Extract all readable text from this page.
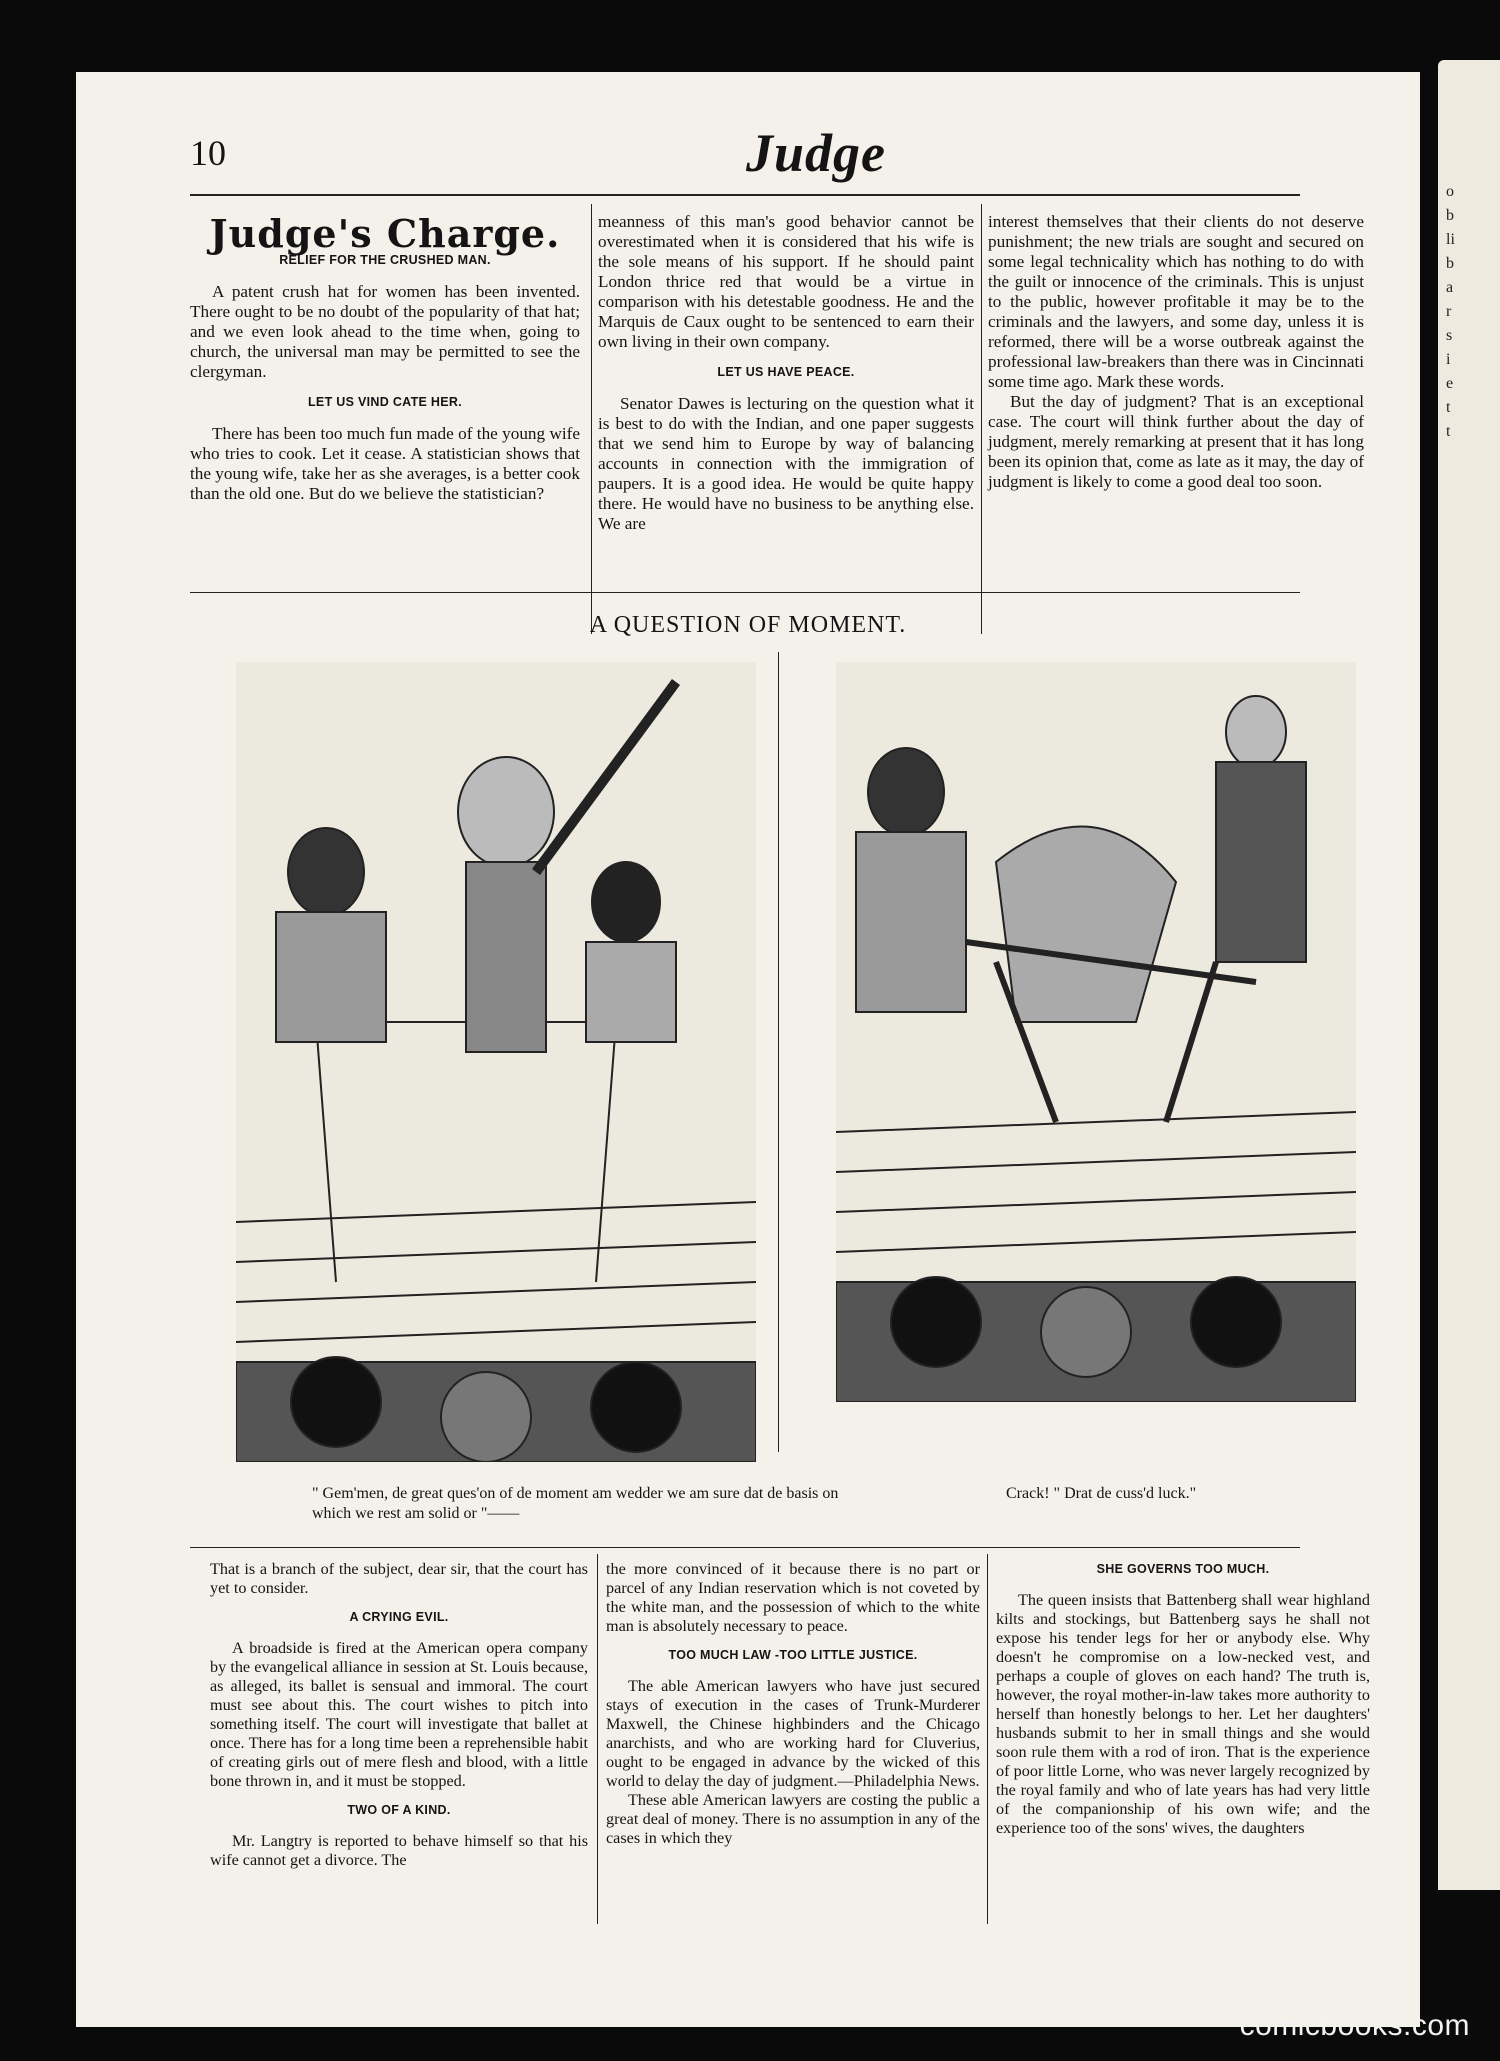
o
b
li
b
a
r
s
i
e
t
t
10	Judge
Judge's Charge.
RELIEF FOR THE CRUSHED MAN.

A patent crush hat for women has been invented. There ought to be no doubt of the popularity of that hat; and we even look ahead to the time when, going to church, the universal man may be permitted to see the clergyman.

LET US VIND CATE HER.

There has been too much fun made of the young wife who tries to cook. Let it cease. A statistician shows that the young wife, take her as she averages, is a better cook than the old one. But do we believe the statistician?

meanness of this man's good behavior cannot be overestimated when it is considered that his wife is the sole means of his support. If he should paint London thrice red that would be a virtue in comparison with his detestable goodness. He and the Marquis de Caux ought to be sentenced to earn their own living in their own company.

LET US HAVE PEACE.

Senator Dawes is lecturing on the question what it is best to do with the Indian, and one paper suggests that we send him to Europe by way of balancing accounts in connection with the immigration of paupers. It is a good idea. He would be quite happy there. He would have no business to be anything else. We are

interest themselves that their clients do not deserve punishment; the new trials are sought and secured on some legal technicality which has nothing to do with the guilt or innocence of the criminals. This is unjust to the public, however profitable it may be to the criminals and the lawyers, and some day, unless it is reformed, there will be a worse outbreak against the professional law-breakers than there was in Cincinnati some time ago. Mark these words.

But the day of judgment? That is an exceptional case. The court will think further about the day of judgment, merely remarking at present that it has long been its opinion that, come as late as it may, the day of judgment is likely to come a good deal too soon.

A QUESTION OF MOMENT.
" Gem'men, de great ques'on of de moment am wedder we am sure dat de basis on which we rest am solid or "——
Crack! " Drat de cuss'd luck."

That is a branch of the subject, dear sir, that the court has yet to consider.

A CRYING EVIL.

A broadside is fired at the American opera company by the evangelical alliance in session at St. Louis because, as alleged, its ballet is sensual and immoral. The court must see about this. The court wishes to pitch into something itself. The court will investigate that ballet at once. There has for a long time been a reprehensible habit of creating girls out of mere flesh and blood, with a little bone thrown in, and it must be stopped.

TWO OF A KIND.

Mr. Langtry is reported to behave himself so that his wife cannot get a divorce. The

the more convinced of it because there is no part or parcel of any Indian reservation which is not coveted by the white man, and the possession of which to the white man is absolutely necessary to peace.

TOO MUCH LAW -TOO LITTLE JUSTICE.

The able American lawyers who have just secured stays of execution in the cases of Trunk-Murderer Maxwell, the Chinese highbinders and the Chicago anarchists, and who are working hard for Cluverius, ought to be engaged in advance by the wicked of this world to delay the day of judgment.—Philadelphia News.

These able American lawyers are costing the public a great deal of money. There is no assumption in any of the cases in which they

SHE GOVERNS TOO MUCH.

The queen insists that Battenberg shall wear highland kilts and stockings, but Battenberg says he shall not expose his tender legs for her or anybody else. Why doesn't he compromise on a low-necked vest, and perhaps a couple of gloves on each hand? The truth is, however, the royal mother-in-law takes more authority to herself than honestly belongs to her. Let her daughters' husbands submit to her in small things and she would soon rule them with a rod of iron. That is the experience of poor little Lorne, who was never largely recognized by the royal family and who of late years has had very little of the companionship of his own wife; and the experience too of the sons' wives, the daughters

comicbooks.com
